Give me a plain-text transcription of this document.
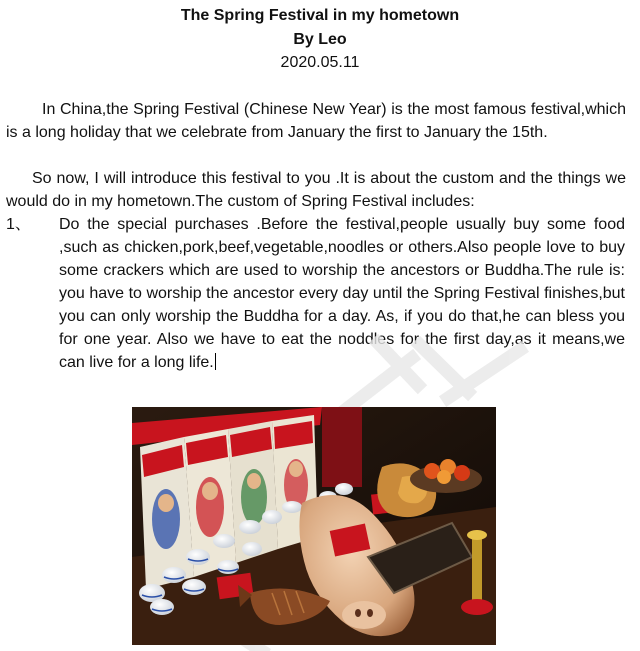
The Spring Festival in my hometown
By Leo
2020.05.11
In China,the Spring Festival (Chinese New Year) is the most famous festival,which is a long holiday that we celebrate from January the first to January the 15th.
So now, I will introduce this festival to you .It is about the custom and the things we would do in my hometown.The custom of Spring Festival includes:
1、 Do the special purchases .Before the festival,people usually buy some food ,such as chicken,pork,beef,vegetable,noodles or others.Also people love to buy some crackers which are used to worship the ancestors or Buddha.The rule is: you have to worship the ancestor every day until the Spring Festival finishes,but you can only worship the Buddha for a day. As, if you do that,he can bless you for one year. Also we have to eat the noddles for the first day,as it means,we can live for a long life.
